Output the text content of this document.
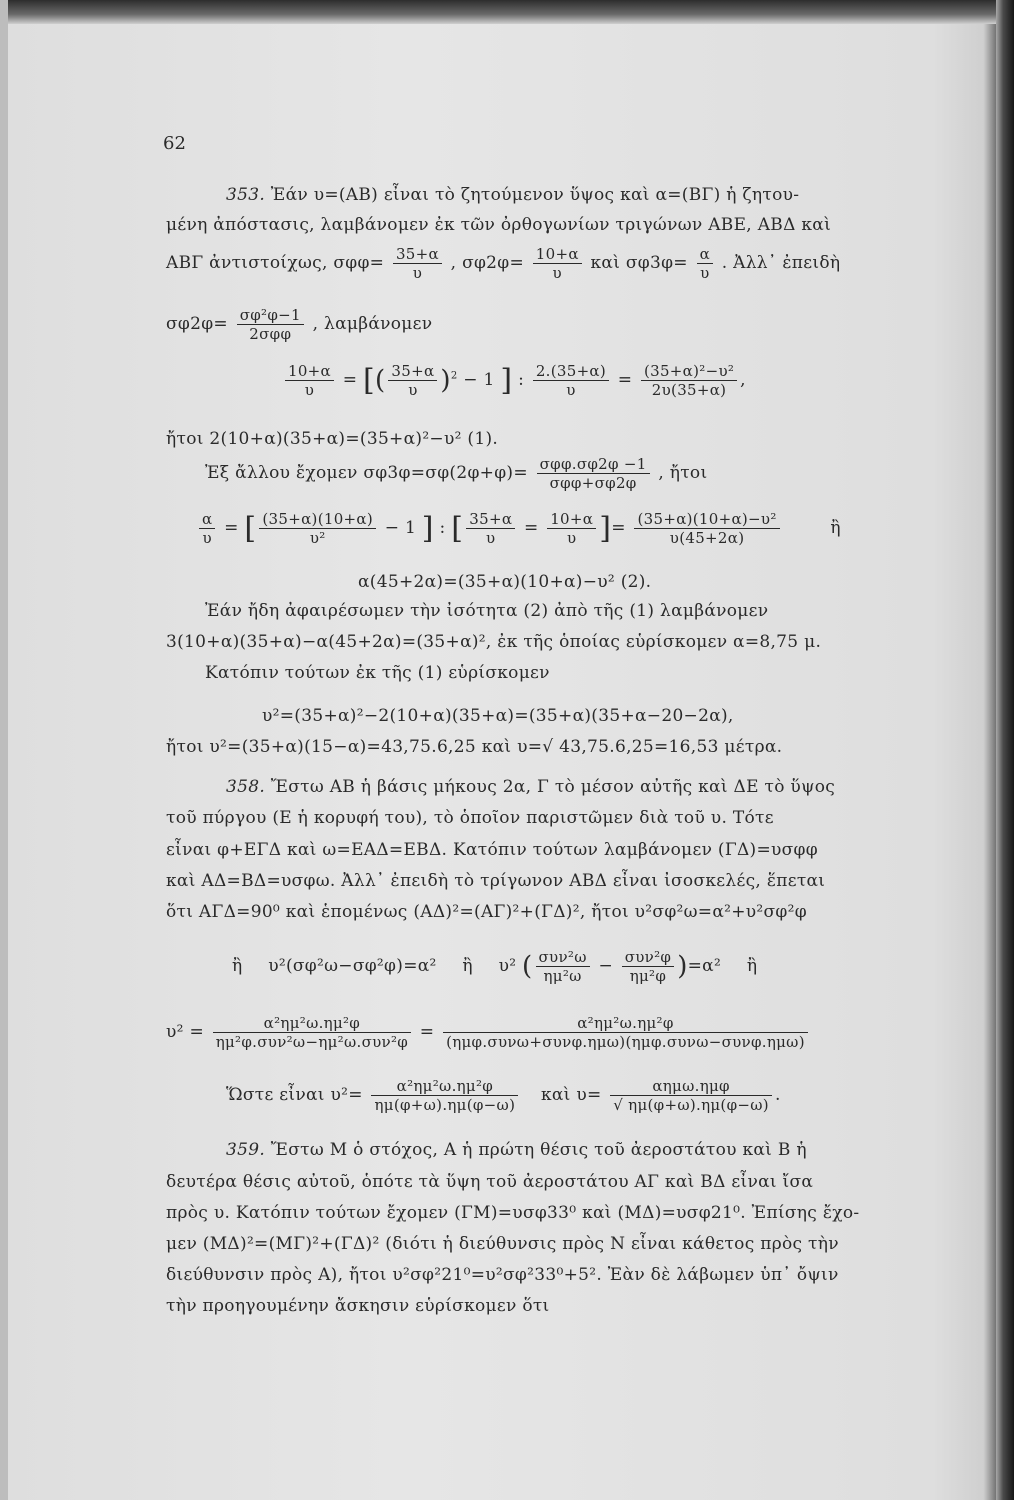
62
353. Ἐάν υ=(ΑΒ) εἶναι τὸ ζητούμενον ὕψος καὶ α=(ΒΓ) ἡ ζητου-
μένη ἀπόστασις, λαμβάνομεν ἐκ τῶν ὀρθογωνίων τριγώνων ΑΒΕ, ΑΒΔ καὶ
ΑΒΓ ἀντιστοίχως, $\sigma\varphi\varphi= \frac{35+\alpha}{\upsilon}$ , $\sigma\varphi 2\varphi= \frac{10+\alpha}{\upsilon}$ καὶ $\sigma\varphi 3\varphi= \frac{\alpha}{\upsilon}$ . Ἀλλ᾿ ἐπειδὴ
$\sigma\varphi 2\varphi= \frac{\text{σφ²φ−1}}{\text{2σφφ}}$ , λαμβάνομεν
$\frac{10+\alpha}{\upsilon}$ = [( $\frac{35+\alpha}{\upsilon} )^2 - 1$ ] : $\frac{2.(35+\alpha)}{\upsilon} = \frac{\text{(35+α)²−υ²}}{2\upsilon(35+\alpha)}$ ,
ἤτοι 2(10+α)(35+α)=(35+α)²−υ² (1).
Ἐξ ἄλλου ἔχομεν $\sigma\varphi 3\varphi=\sigma\varphi(2\varphi+\varphi)= \frac{\text{σφφ.σφ2φ −1}}{\text{σφφ+σφ2φ}}$ , ἤτοι
$\frac{\alpha}{\upsilon}$ = [ $\frac{(35+\alpha)(10+\alpha)}{\text{υ²}} - 1$ ] : [ $\frac{35+\alpha}{\upsilon} = \frac{10+\alpha}{\upsilon}$ ]= $\frac{\text{(35+α)(10+α)−υ²}}{\upsilon(45+2\alpha)}$	ἢ
α(45+2α)=(35+α)(10+α)−υ² (2).
Ἐάν ἤδη ἀφαιρέσωμεν τὴν ἰσότητα (2) ἀπὸ τῆς (1) λαμβάνομεν
3(10+α)(35+α)−α(45+2α)=(35+α)², ἐκ τῆς ὁποίας εὑρίσκομεν α=8,75 μ.
Κατόπιν τούτων ἐκ τῆς (1) εὑρίσκομεν
υ²=(35+α)²−2(10+α)(35+α)=(35+α)(35+α−20−2α),
ἤτοι υ²=(35+α)(15−α)=43,75.6,25 καὶ υ=√ 43,75.6,25=16,53 μέτρα.
358. Ἔστω ΑΒ ἡ βάσις μήκους 2α, Γ τὸ μέσον αὐτῆς καὶ ΔΕ τὸ ὕψος
τοῦ πύργου (Ε ἡ κορυφή του), τὸ ὁποῖον παριστῶμεν διὰ τοῦ υ. Τότε
εἶναι φ+ΕΓΔ καὶ ω=ΕΑΔ=ΕΒΔ. Κατόπιν τούτων λαμβάνομεν (ΓΔ)=υσφφ
καὶ ΑΔ=ΒΔ=υσφω. Ἀλλ᾿ ἐπειδὴ τὸ τρίγωνον ΑΒΔ εἶναι ἰσοσκελές, ἕπεται
ὅτι ΑΓΔ=90⁰ καὶ ἑπομένως (ΑΔ)²=(ΑΓ)²+(ΓΔ)², ἤτοι υ²σφ²ω=α²+υ²σφ²φ
ἢ υ²(σφ²ω−σφ²φ)=α² ἢ υ² ( $\frac{\text{συν²ω}}{\text{ημ²ω}} - \frac{\text{συν²φ}}{\text{ημ²φ}} )=\alpha^2$ ἢ
$\upsilon^2 = \frac{\text{α²ημ²ω.ημ²φ}}{\text{ημ²φ.συν²ω−ημ²ω.συν²φ}} = \frac{\text{α²ημ²ω.ημ²φ}}{\text{(ημφ.συνω+συνφ.ημω)(ημφ.συνω−συνφ.ημω)}}$
Ὥστε εἶναι $\upsilon^2= \frac{\text{α²ημ²ω.ημ²φ}}{\eta\mu(\varphi+\omega).\eta\mu(\varphi-\omega)}$ καὶ $\upsilon= \frac{\text{αημω.ημφ}}{√ \eta\mu(\varphi+\omega).\eta\mu(\varphi-\omega)}$ .
359. Ἔστω Μ ὁ στόχος, Α ἡ πρώτη θέσις τοῦ ἀεροστάτου καὶ Β ἡ
δευτέρα θέσις αὐτοῦ, ὁπότε τὰ ὕψη τοῦ ἀεροστάτου ΑΓ καὶ ΒΔ εἶναι ἴσα
πρὸς υ. Κατόπιν τούτων ἔχομεν (ΓΜ)=υσφ33⁰ καὶ (ΜΔ)=υσφ21⁰. Ἐπίσης ἔχο-
μεν (ΜΔ)²=(ΜΓ)²+(ΓΔ)² (διότι ἡ διεύθυνσις πρὸς Ν εἶναι κάθετος πρὸς τὴν
διεύθυνσιν πρὸς Α), ἤτοι υ²σφ²21⁰=υ²σφ²33⁰+5². Ἐὰν δὲ λάβωμεν ὑπ᾿ ὄψιν
τὴν προηγουμένην ἄσκησιν εὑρίσκομεν ὅτι
